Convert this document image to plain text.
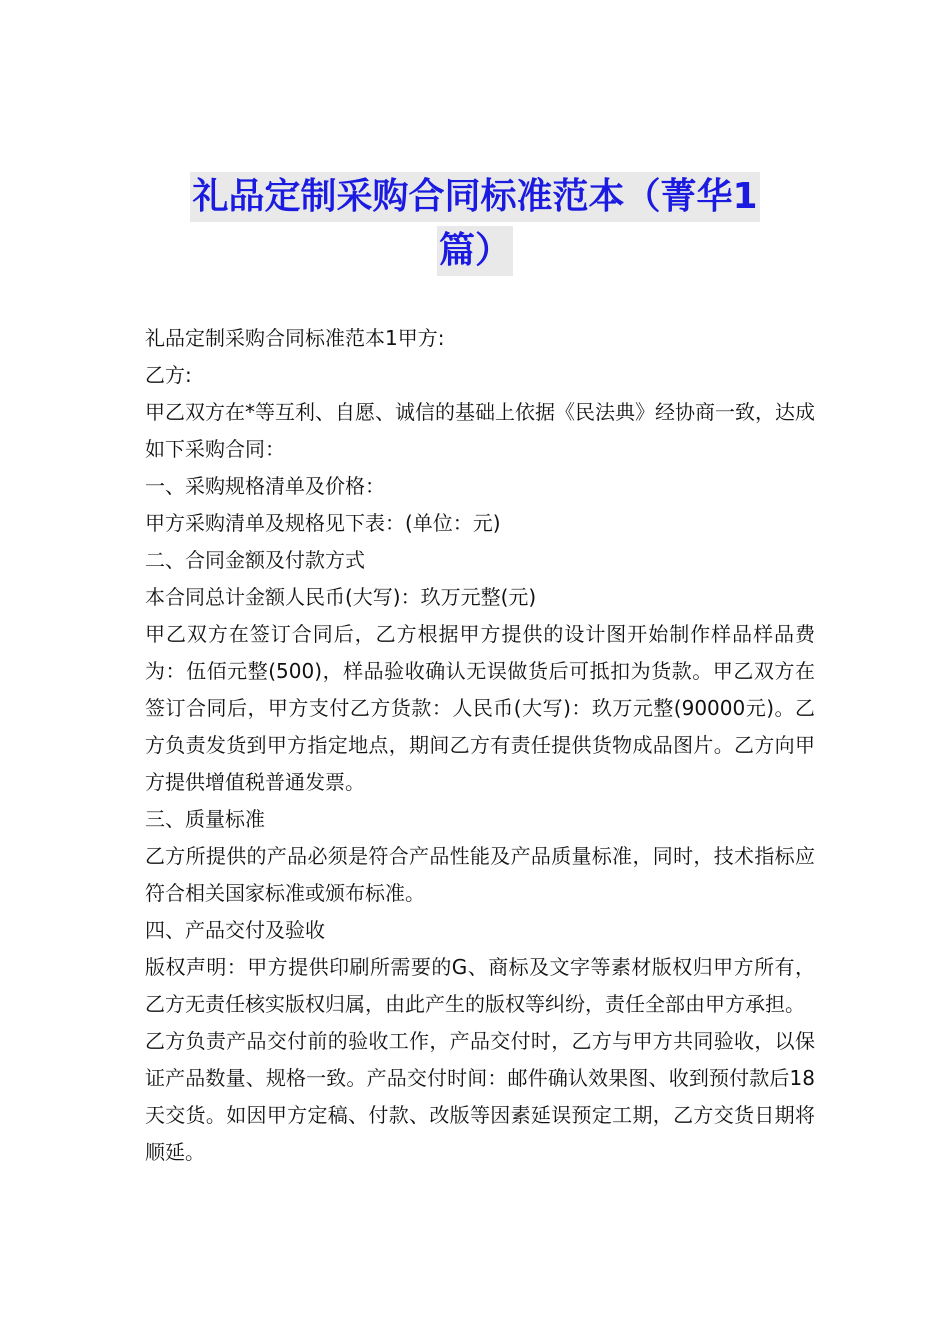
礼品定制采购合同标准范本（菁华1
篇）

礼品定制采购合同标准范本1甲方:

乙方:

甲乙双方在*等互利、自愿、诚信的基础上依据《民法典》经协商一致，达成如下采购合同：

一、采购规格清单及价格：

甲方采购清单及规格见下表：(单位：元)

二、合同金额及付款方式

本合同总计金额人民币(大写)：玖万元整(元)

甲乙双方在签订合同后，乙方根据甲方提供的设计图开始制作样品样品费为：伍佰元整(500)，样品验收确认无误做货后可抵扣为货款。甲乙双方在签订合同后，甲方支付乙方货款：人民币(大写)：玖万元整(90000元)。乙方负责发货到甲方指定地点，期间乙方有责任提供货物成品图片。乙方向甲方提供增值税普通发票。

三、质量标准

乙方所提供的产品必须是符合产品性能及产品质量标准，同时，技术指标应符合相关国家标准或颁布标准。

四、产品交付及验收

版权声明：甲方提供印刷所需要的G、商标及文字等素材版权归甲方所有，乙方无责任核实版权归属，由此产生的版权等纠纷，责任全部由甲方承担。

乙方负责产品交付前的验收工作，产品交付时，乙方与甲方共同验收，以保证产品数量、规格一致。产品交付时间：邮件确认效果图、收到预付款后18天交货。如因甲方定稿、付款、改版等因素延误预定工期，乙方交货日期将顺延。
